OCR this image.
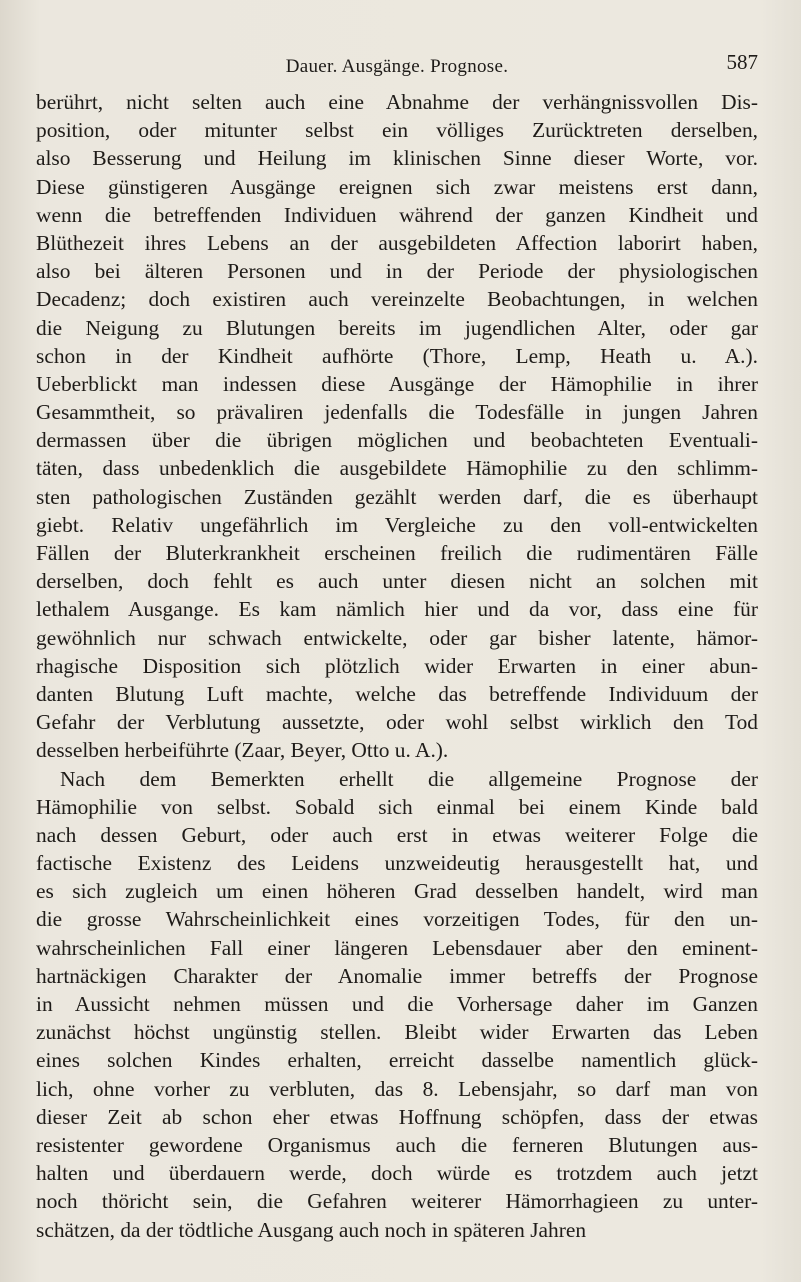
Dauer. Ausgänge. Prognose.	587
berührt, nicht selten auch eine Abnahme der verhängnissvollen Dis-
position, oder mitunter selbst ein völliges Zurücktreten derselben,
also Besserung und Heilung im klinischen Sinne dieser Worte, vor.
Diese günstigeren Ausgänge ereignen sich zwar meistens erst dann,
wenn die betreffenden Individuen während der ganzen Kindheit und
Blüthezeit ihres Lebens an der ausgebildeten Affection laborirt haben,
also bei älteren Personen und in der Periode der physiologischen
Decadenz; doch existiren auch vereinzelte Beobachtungen, in welchen
die Neigung zu Blutungen bereits im jugendlichen Alter, oder gar
schon in der Kindheit aufhörte (Thore, Lemp, Heath u. A.).
Ueberblickt man indessen diese Ausgänge der Hämophilie in ihrer
Gesammtheit, so prävaliren jedenfalls die Todesfälle in jungen Jahren
dermassen über die übrigen möglichen und beobachteten Eventuali-
täten, dass unbedenklich die ausgebildete Hämophilie zu den schlimm-
sten pathologischen Zuständen gezählt werden darf, die es überhaupt
giebt. Relativ ungefährlich im Vergleiche zu den voll-entwickelten
Fällen der Bluterkrankheit erscheinen freilich die rudimentären Fälle
derselben, doch fehlt es auch unter diesen nicht an solchen mit
lethalem Ausgange. Es kam nämlich hier und da vor, dass eine für
gewöhnlich nur schwach entwickelte, oder gar bisher latente, hämor-
rhagische Disposition sich plötzlich wider Erwarten in einer abun-
danten Blutung Luft machte, welche das betreffende Individuum der
Gefahr der Verblutung aussetzte, oder wohl selbst wirklich den Tod
desselben herbeiführte (Zaar, Beyer, Otto u. A.).
Nach dem Bemerkten erhellt die allgemeine Prognose der
Hämophilie von selbst. Sobald sich einmal bei einem Kinde bald
nach dessen Geburt, oder auch erst in etwas weiterer Folge die
factische Existenz des Leidens unzweideutig herausgestellt hat, und
es sich zugleich um einen höheren Grad desselben handelt, wird man
die grosse Wahrscheinlichkeit eines vorzeitigen Todes, für den un-
wahrscheinlichen Fall einer längeren Lebensdauer aber den eminent-
hartnäckigen Charakter der Anomalie immer betreffs der Prognose
in Aussicht nehmen müssen und die Vorhersage daher im Ganzen
zunächst höchst ungünstig stellen. Bleibt wider Erwarten das Leben
eines solchen Kindes erhalten, erreicht dasselbe namentlich glück-
lich, ohne vorher zu verbluten, das 8. Lebensjahr, so darf man von
dieser Zeit ab schon eher etwas Hoffnung schöpfen, dass der etwas
resistenter gewordene Organismus auch die ferneren Blutungen aus-
halten und überdauern werde, doch würde es trotzdem auch jetzt
noch thöricht sein, die Gefahren weiterer Hämorrhagieen zu unter-
schätzen, da der tödtliche Ausgang auch noch in späteren Jahren
